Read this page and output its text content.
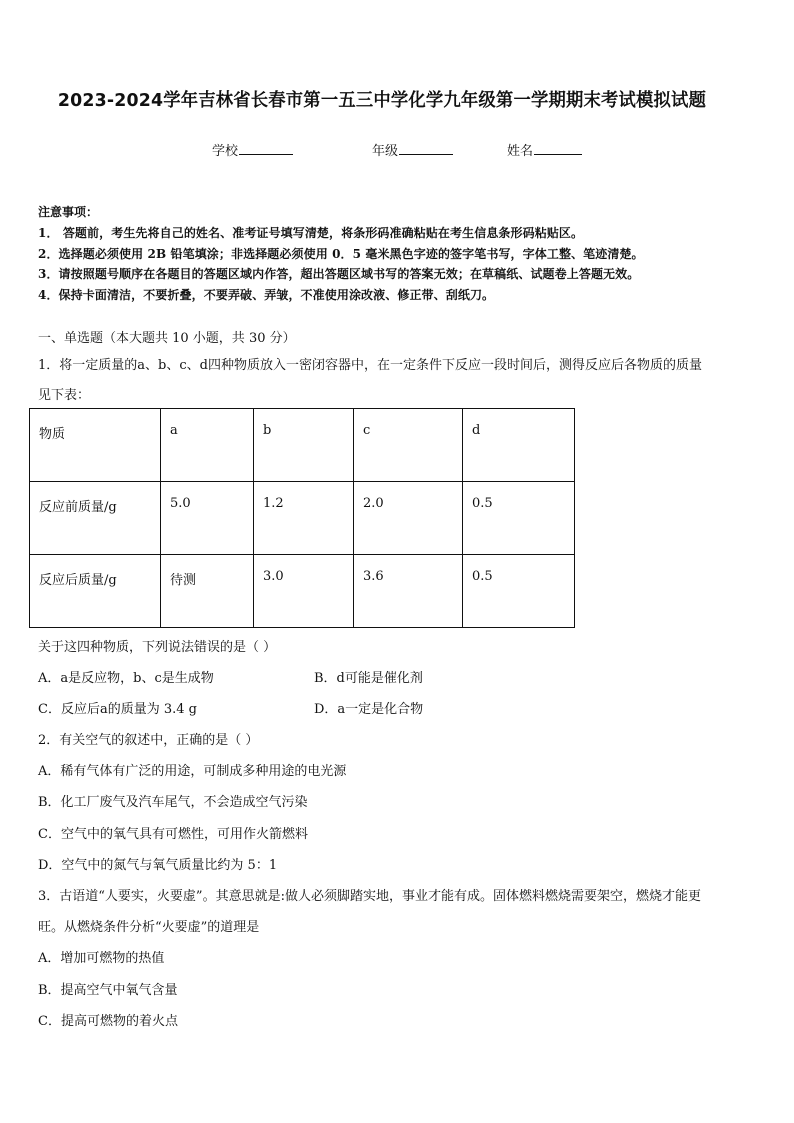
2023-2024学年吉林省长春市第一五三中学化学九年级第一学期期末考试模拟试题
学校	年级	姓名
注意事项：
1． 答题前，考生先将自己的姓名、准考证号填写清楚，将条形码准确粘贴在考生信息条形码粘贴区。
2．选择题必须使用 2B 铅笔填涂；非选择题必须使用 0．5 毫米黑色字迹的签字笔书写，字体工整、笔迹清楚。
3．请按照题号顺序在各题目的答题区域内作答，超出答题区域书写的答案无效；在草稿纸、试题卷上答题无效。
4．保持卡面清洁，不要折叠，不要弄破、弄皱，不准使用涂改液、修正带、刮纸刀。
一、单选题（本大题共 10 小题，共 30 分）
1．将一定质量的a、b、c、d四种物质放入一密闭容器中，在一定条件下反应一段时间后，测得反应后各物质的质量
见下表：
物质	a	b	c	d
反应前质量/g	5.0	1.2	2.0	0.5
反应后质量/g	待测	3.0	3.6	0.5
关于这四种物质，下列说法错误的是（ ）
A．a是反应物，b、c是生成物	B．d可能是催化剂
C．反应后a的质量为 3.4 g	D．a一定是化合物
2．有关空气的叙述中，正确的是（ ）
A．稀有气体有广泛的用途，可制成多种用途的电光源
B．化工厂废气及汽车尾气，不会造成空气污染
C．空气中的氧气具有可燃性，可用作火箭燃料
D．空气中的氮气与氧气质量比约为 5：1
3．古语道“人要实，火要虚”。其意思就是:做人必须脚踏实地，事业才能有成。固体燃料燃烧需要架空，燃烧才能更
旺。从燃烧条件分析“火要虚”的道理是
A．增加可燃物的热值
B．提高空气中氧气含量
C．提高可燃物的着火点
